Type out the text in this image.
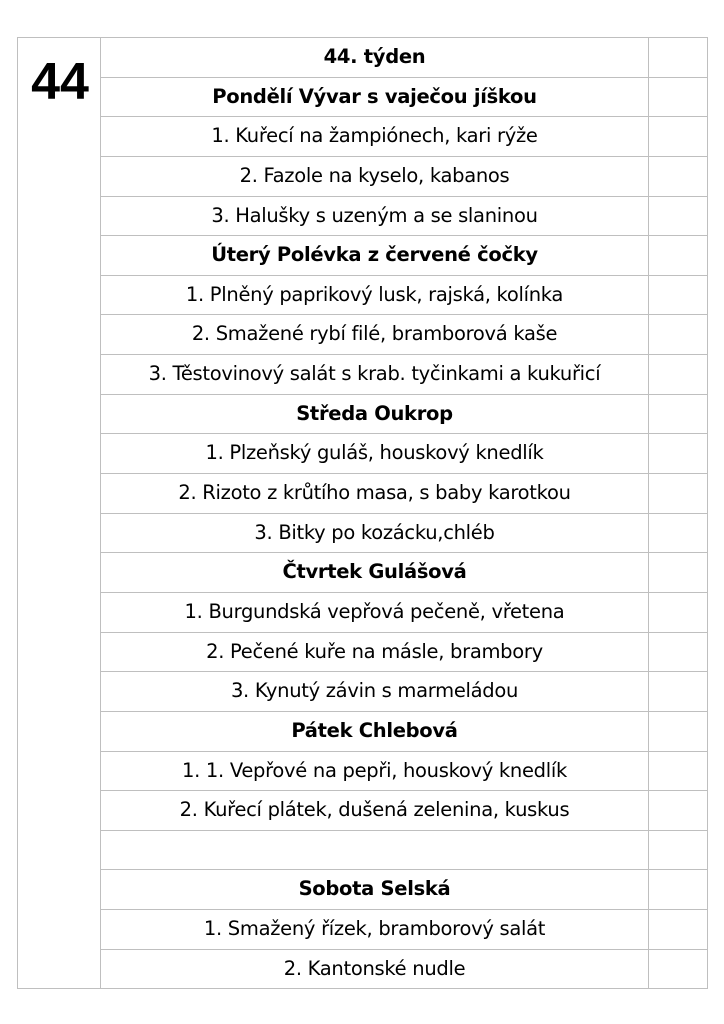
44	44. týden
Pondělí Vývar s vaječou jíškou
1. Kuřecí na žampiónech, kari rýže
2. Fazole na kyselo, kabanos
3. Halušky s uzeným a se slaninou
Úterý Polévka z červené čočky
1. Plněný paprikový lusk, rajská, kolínka
2. Smažené rybí filé, bramborová kaše
3. Těstovinový salát s krab. tyčinkami a kukuřicí
Středa Oukrop
1. Plzeňský guláš, houskový knedlík
2. Rizoto z krůtího masa, s baby karotkou
3. Bitky po kozácku,chléb
Čtvrtek Gulášová
1. Burgundská vepřová pečeně, vřetena
2. Pečené kuře na másle, brambory
3. Kynutý závin s marmeládou
Pátek Chlebová
1. 1. Vepřové na pepři, houskový knedlík
2. Kuřecí plátek, dušená zelenina, kuskus
Sobota Selská
1. Smažený řízek, bramborový salát
2. Kantonské nudle
